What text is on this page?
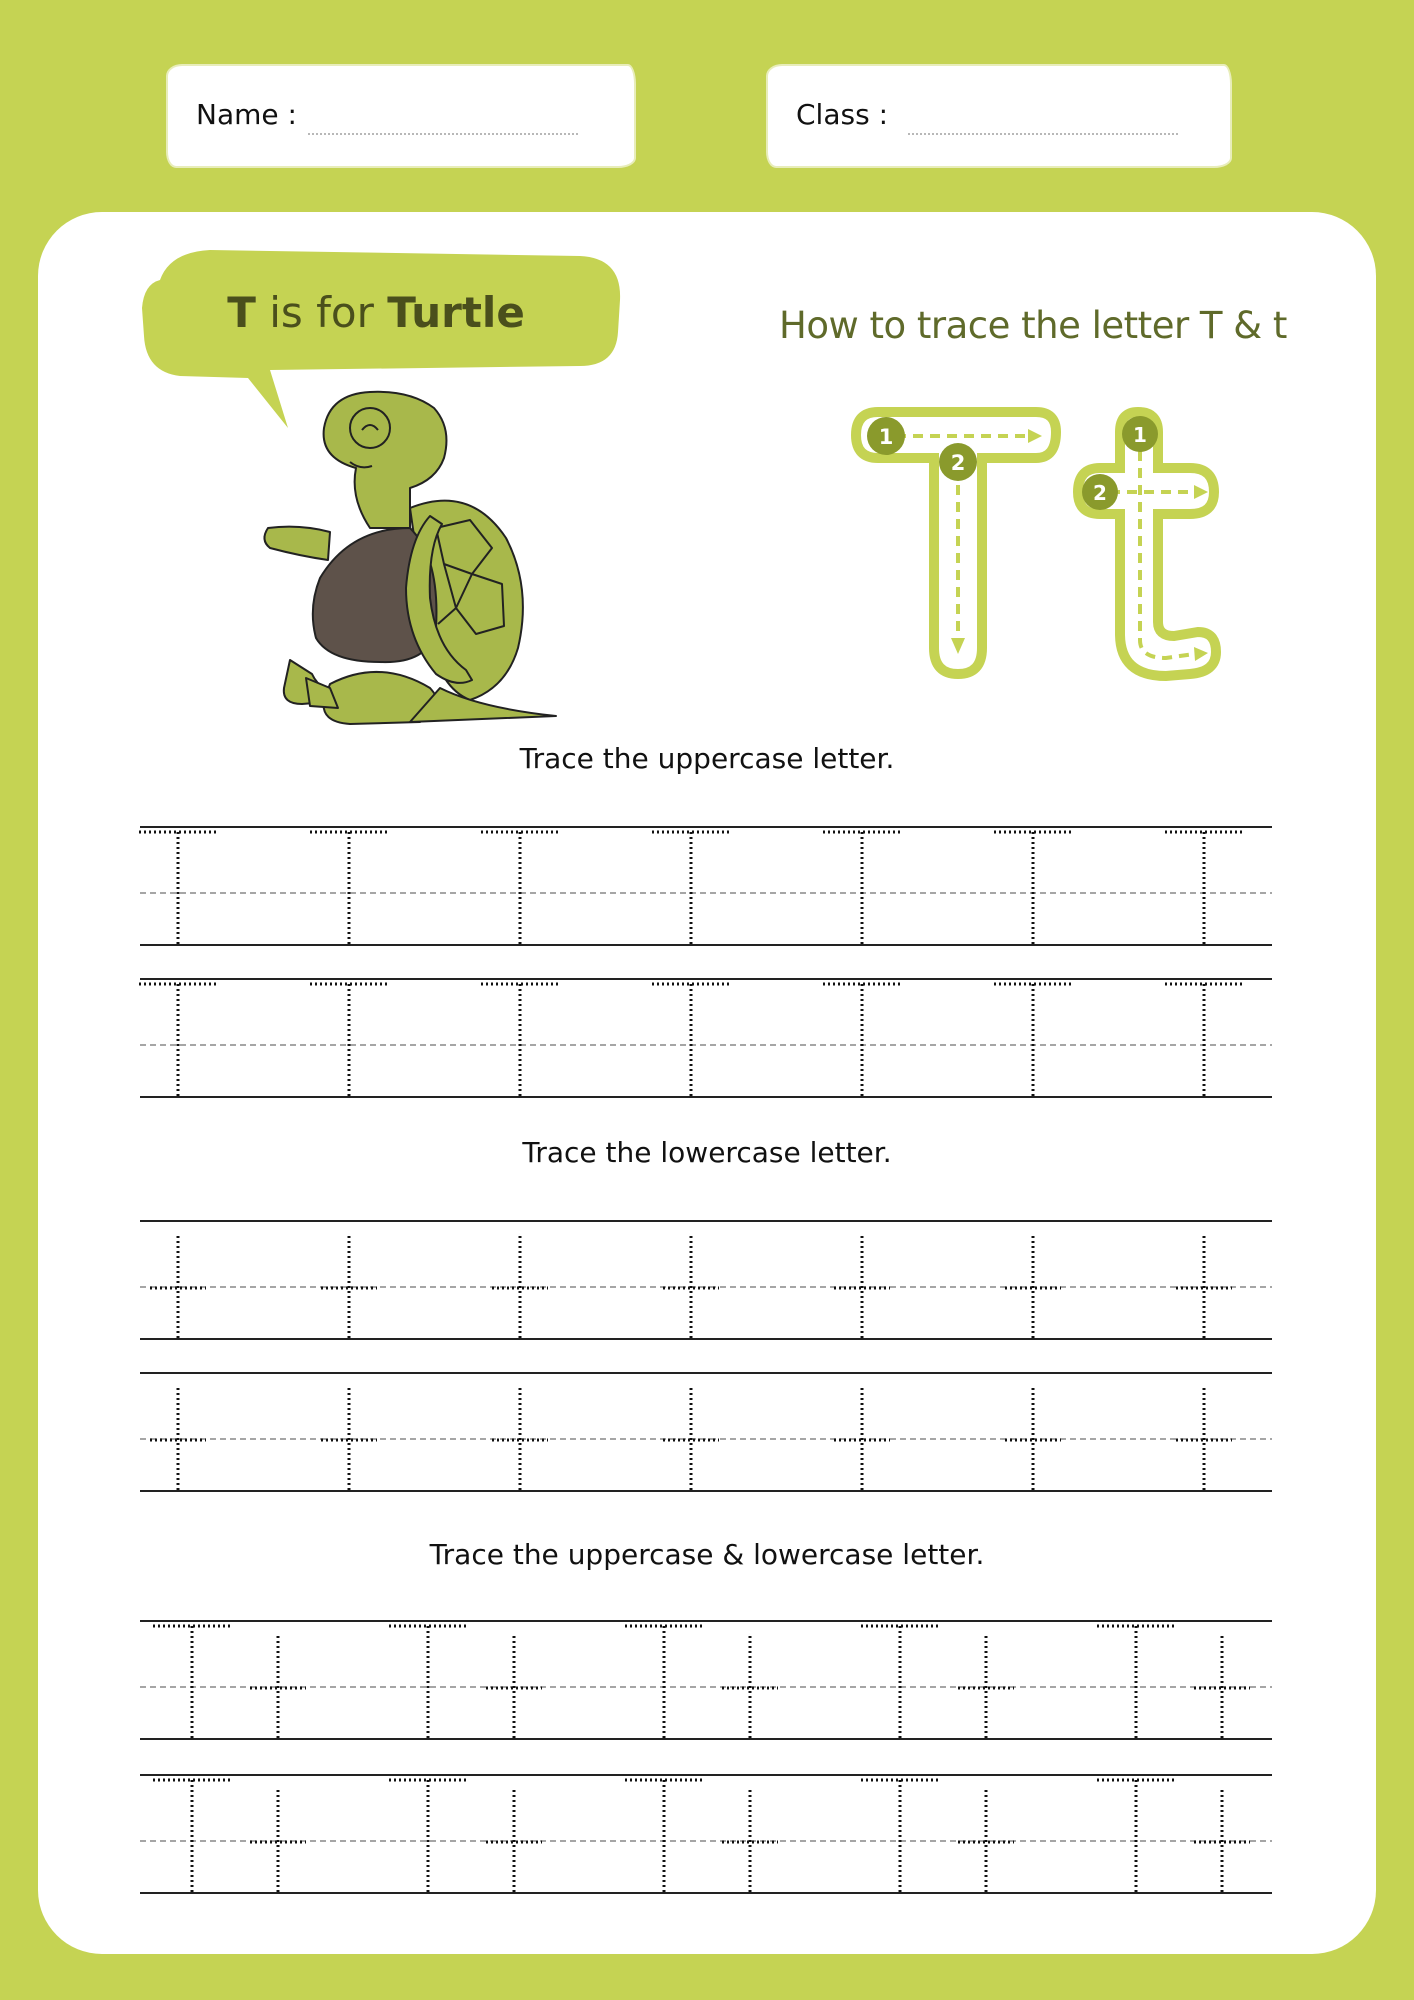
Name :	Class :
T is for Turtle	How to trace the letter T & t
1
2
1
2
Trace the uppercase letter.
Trace the lowercase letter.
Trace the uppercase & lowercase letter.
